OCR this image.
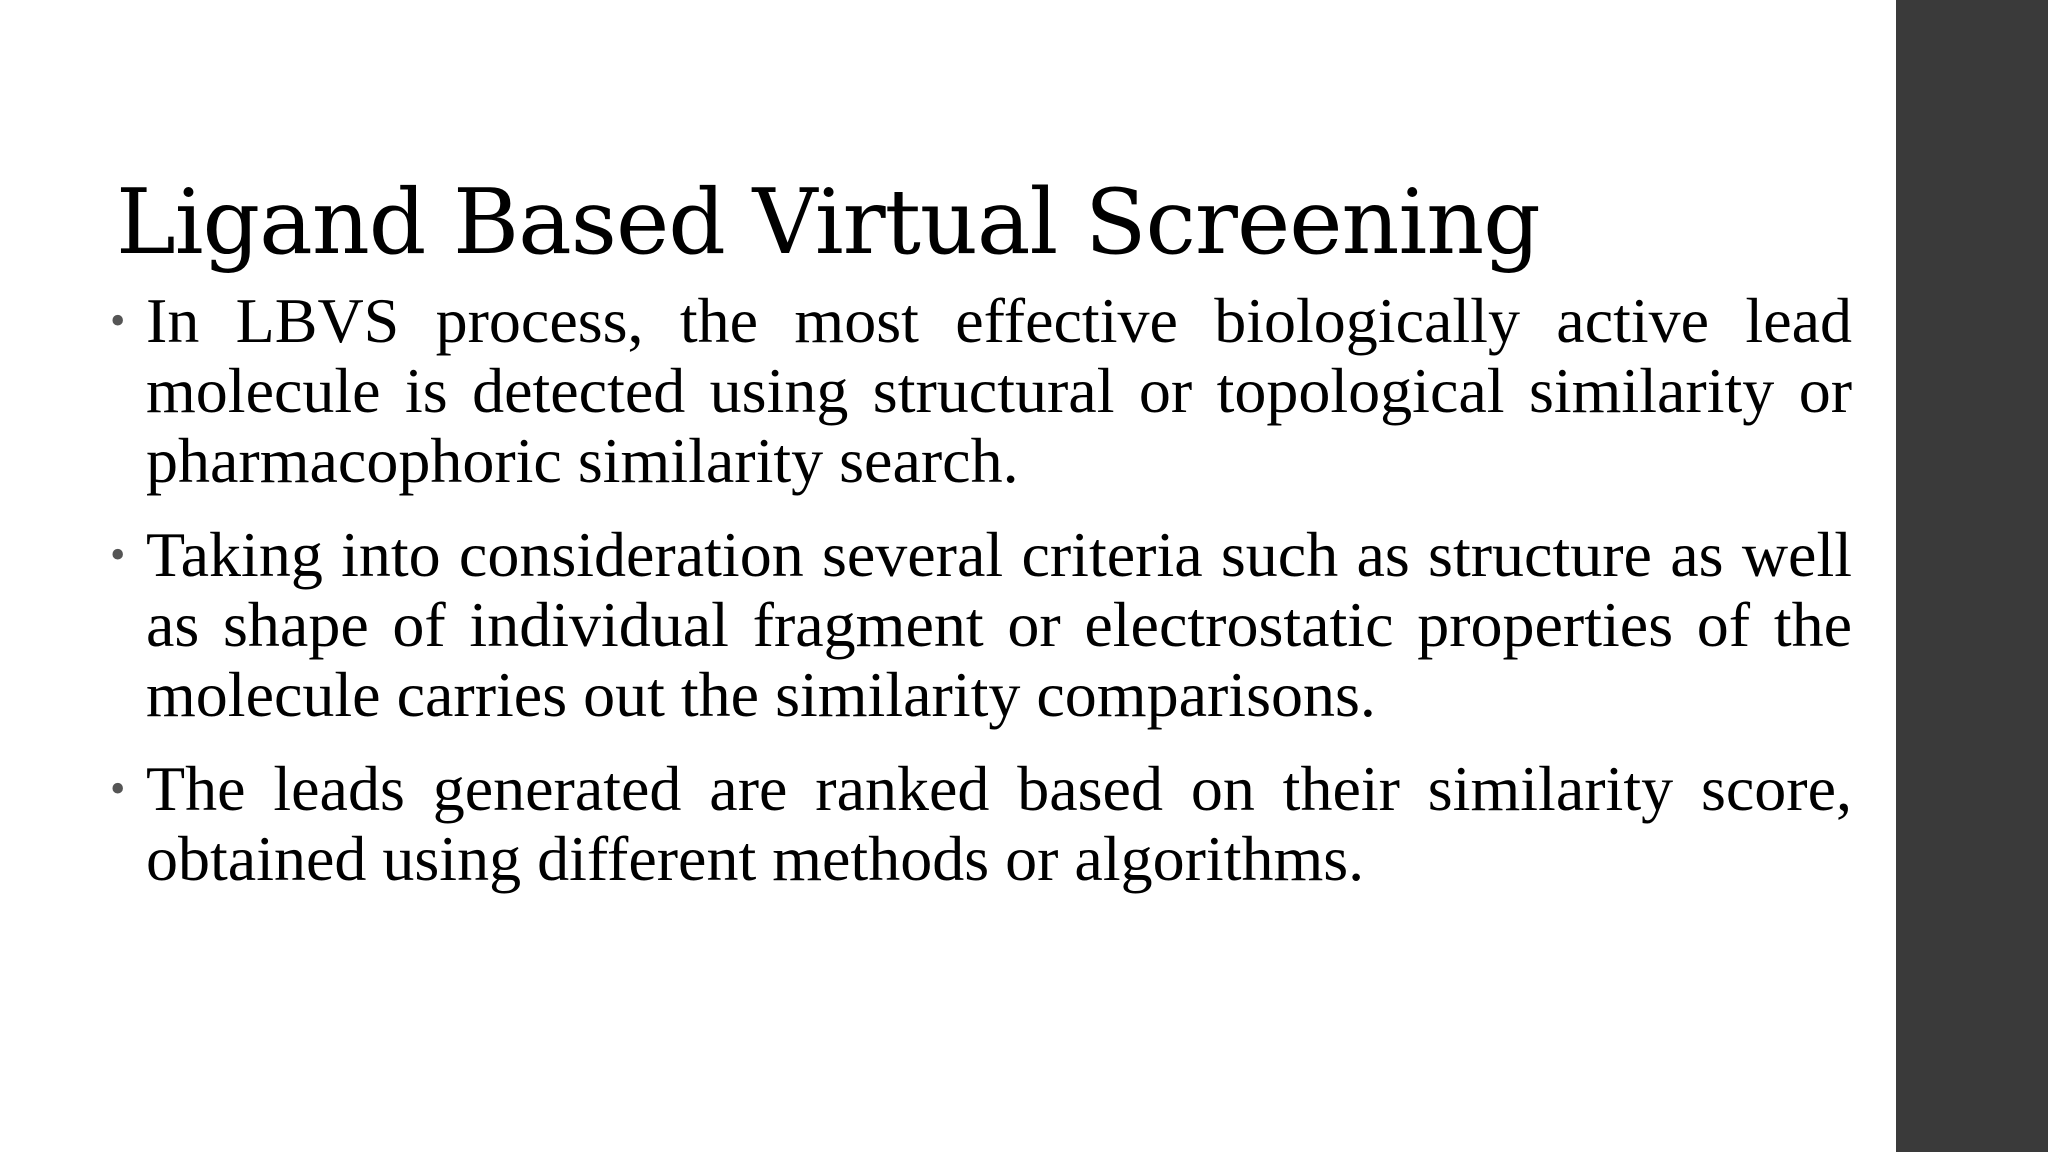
Ligand Based Virtual Screening
• In LBVS process, the most effective biologically active lead molecule is detected using structural or topological similarity or pharmacophoric similarity search.
• Taking into consideration several criteria such as structure as well as shape of individual fragment or electrostatic properties of the molecule carries out the similarity comparisons.
• The leads generated are ranked based on their similarity score, obtained using different methods or algorithms.
